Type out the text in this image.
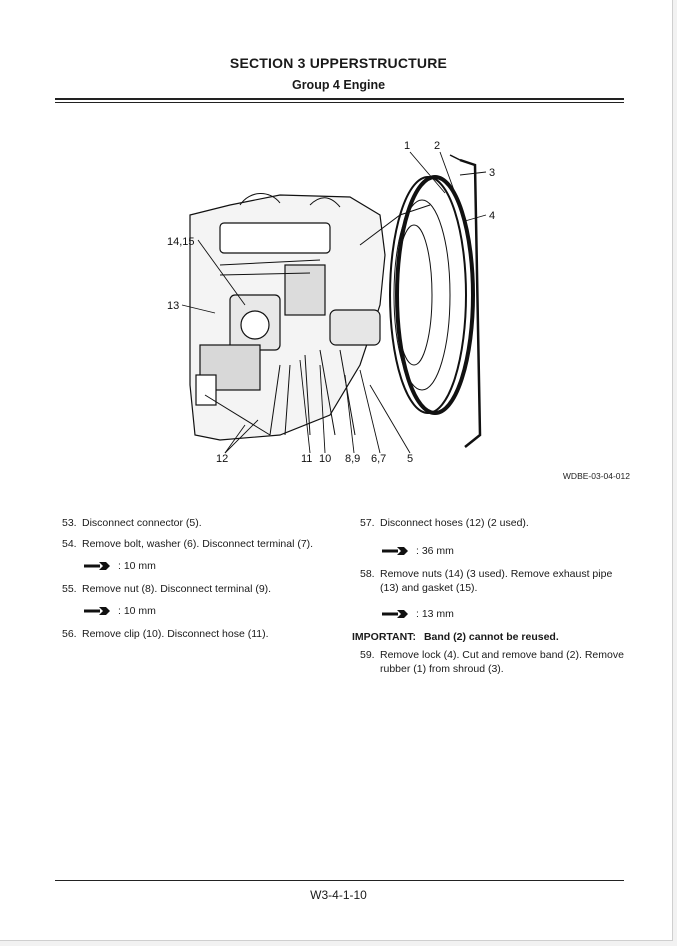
SECTION 3 UPPERSTRUCTURE
Group 4 Engine
1 2
3
4
5
6,7
8,9
10
11
12
13
14,15
WDBE-03-04-012
53. Disconnect connector (5).
54. Remove bolt, washer (6). Disconnect terminal (7).
: 10 mm
55. Remove nut (8). Disconnect terminal (9).
: 10 mm
56. Remove clip (10). Disconnect hose (11).
57. Disconnect hoses (12) (2 used).
: 36 mm
58. Remove nuts (14) (3 used). Remove exhaust pipe (13) and gasket (15).
: 13 mm
IMPORTANT: Band (2) cannot be reused.
59. Remove lock (4). Cut and remove band (2). Remove rubber (1) from shroud (3).
W3-4-1-10
